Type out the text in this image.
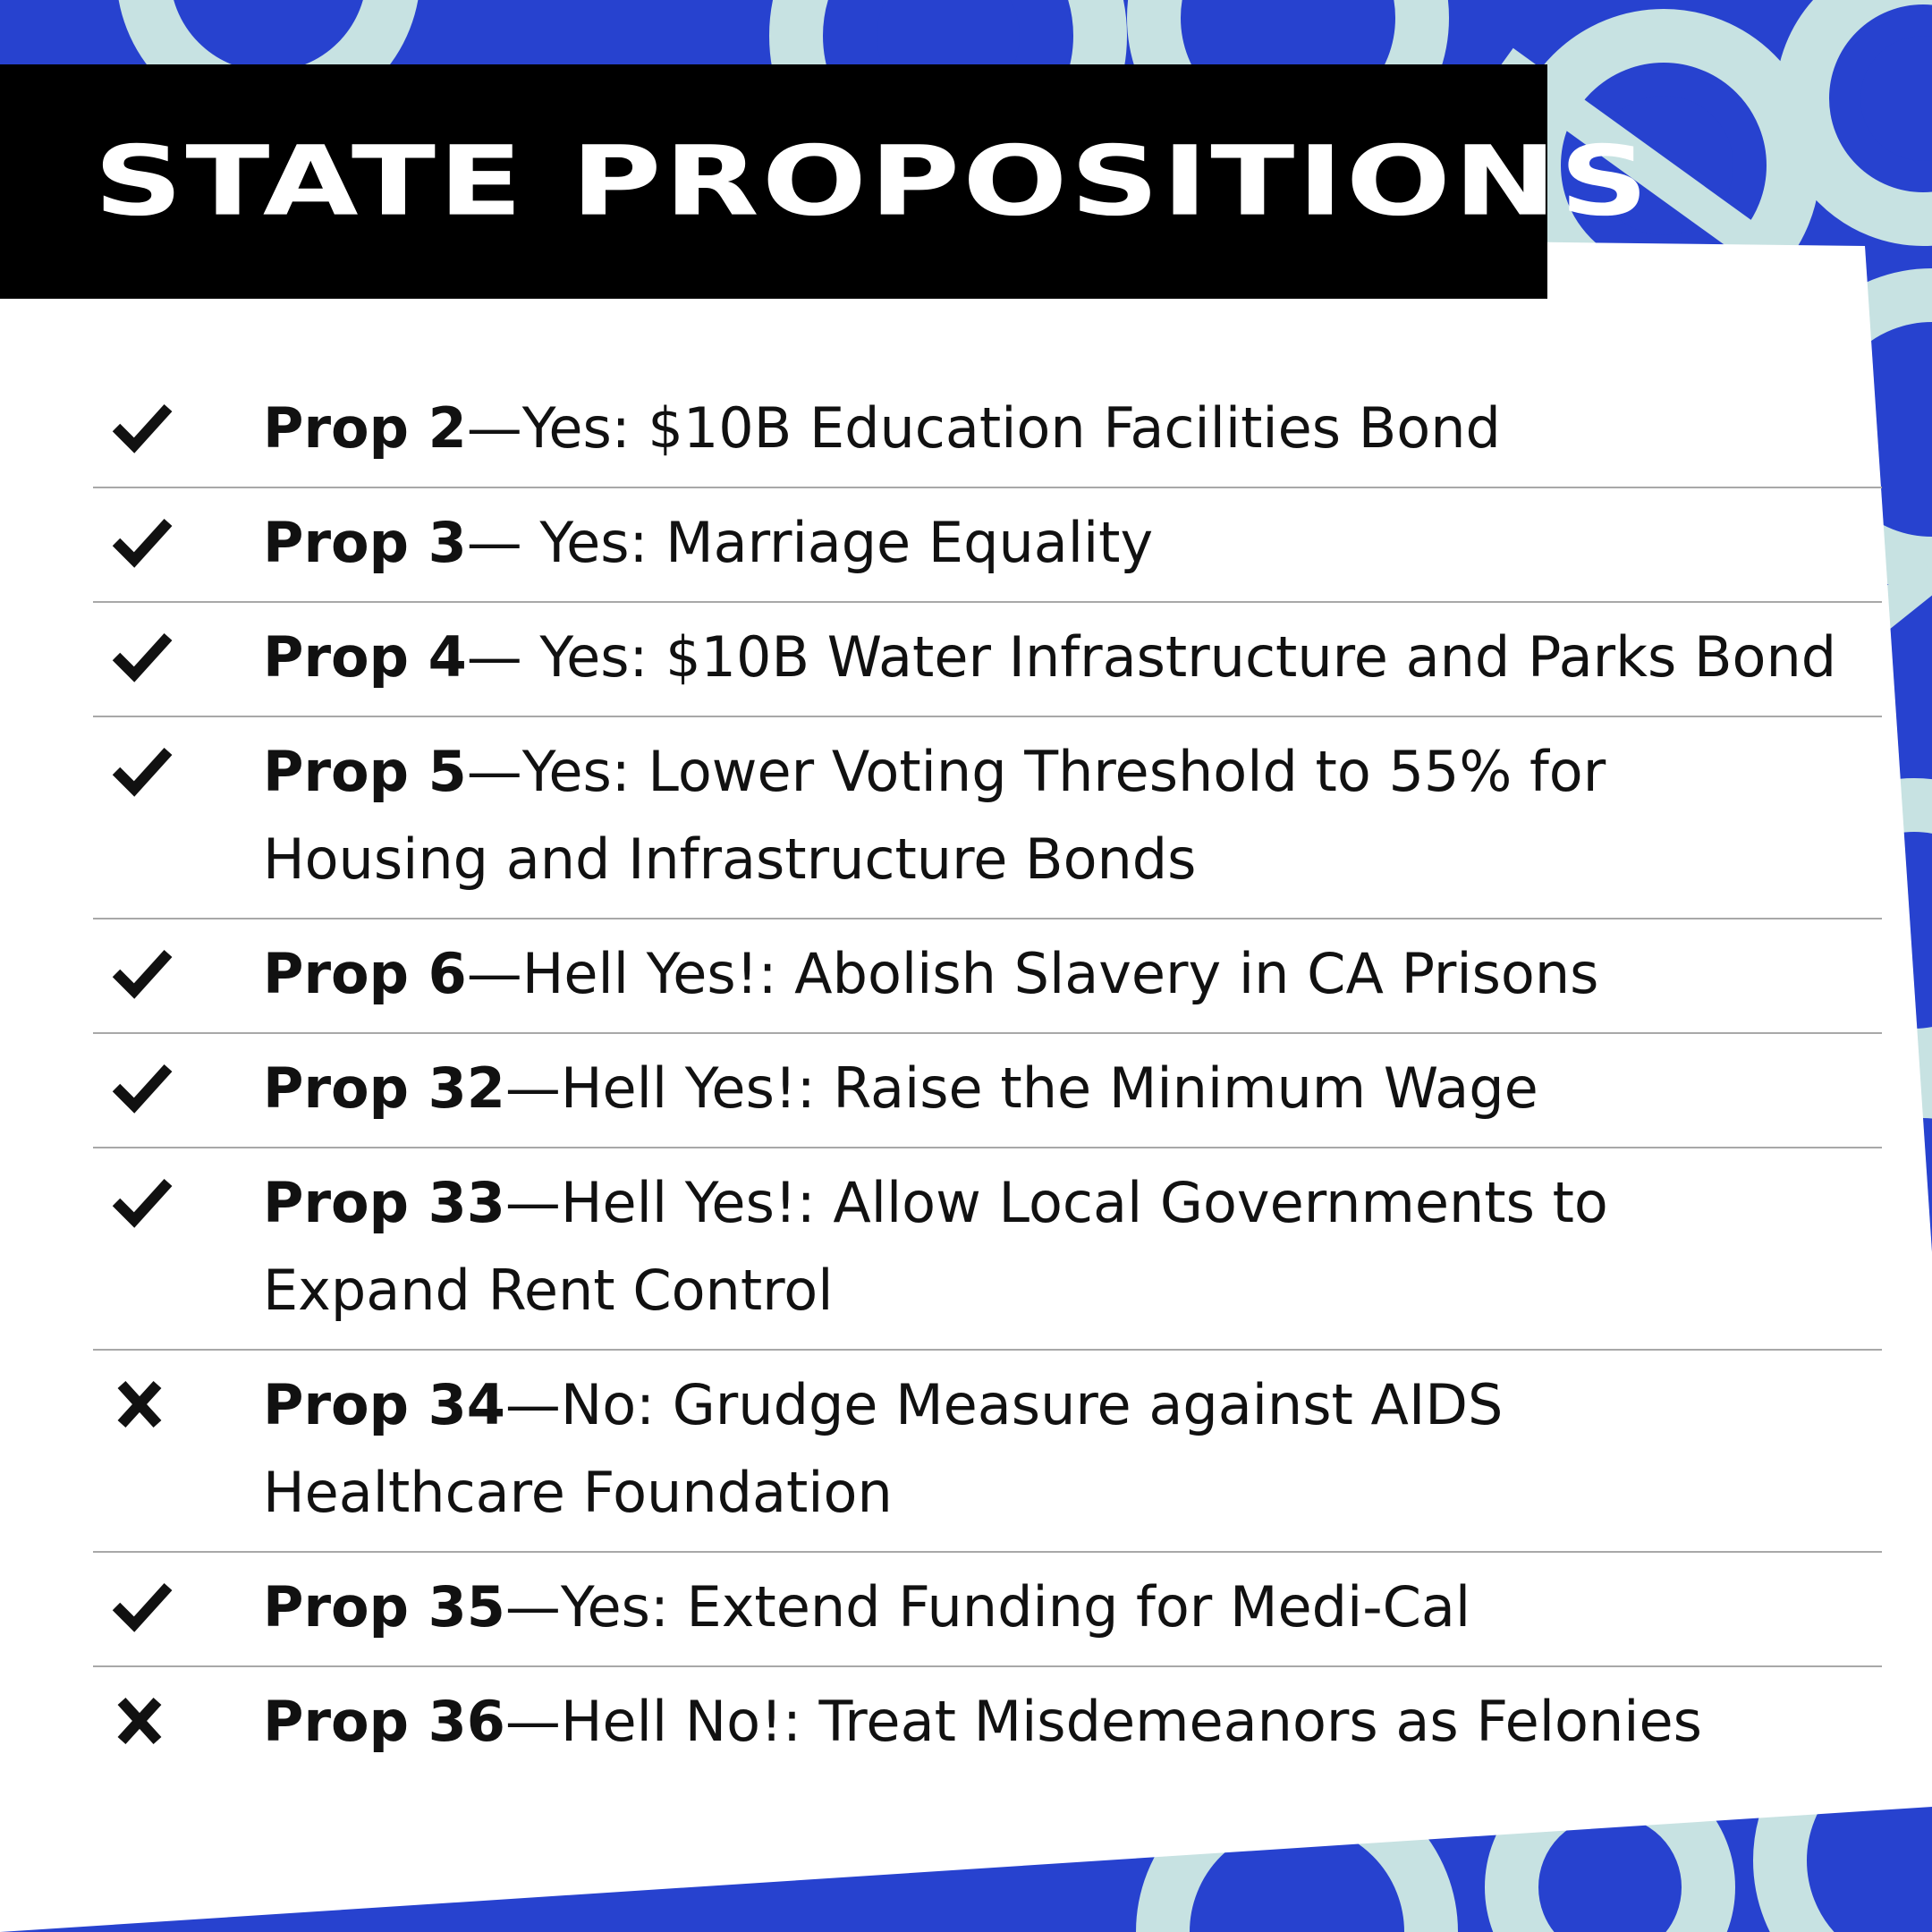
STATE PROPOSITIONS
Prop 2—Yes: $10B Education Facilities Bond
Prop 3— Yes: Marriage Equality
Prop 4— Yes: $10B Water Infrastructure and Parks Bond
Prop 5—Yes: Lower Voting Threshold to 55% for
Housing and Infrastructure Bonds
Prop 6—Hell Yes!: Abolish Slavery in CA Prisons
Prop 32—Hell Yes!: Raise the Minimum Wage
Prop 33—Hell Yes!: Allow Local Governments to
Expand Rent Control
Prop 34—No: Grudge Measure against AIDS
Healthcare Foundation
Prop 35—Yes: Extend Funding for Medi-Cal
Prop 36—Hell No!: Treat Misdemeanors as Felonies
